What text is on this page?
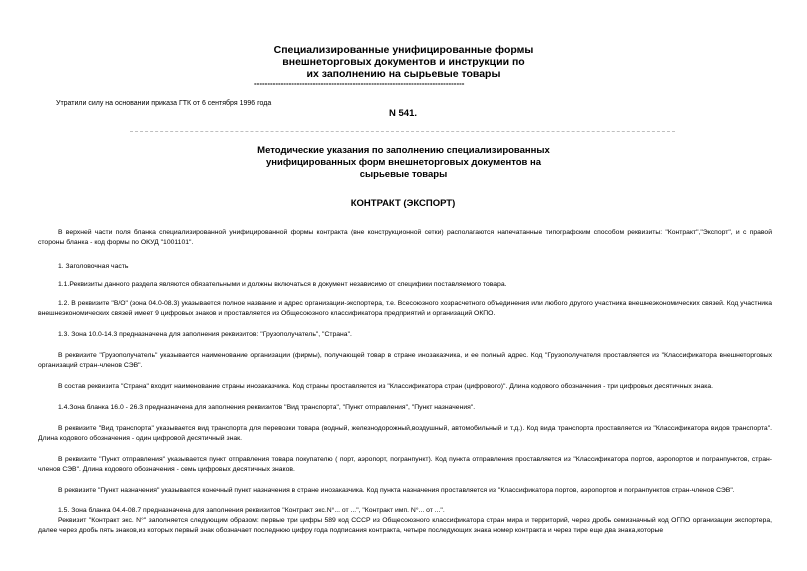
Специализированные унифицированные формы
внешнеторговых документов и инструкции по
их заполнению на сырьевые товары
-------------------------------------------------------------------------------
Утратили силу на основании приказа ГТК от 6 сентября 1996 года
N 541.
Методические указания по заполнению специализированных
унифицированных форм внешнеторговых документов на
сырьевые товары
КОНТРАКТ (ЭКСПОРТ)
В верхней части поля бланка специализированной унифицированной формы контракта (вне конструкционной сетки) располагаются напечатанные типографским способом реквизиты: "Контракт","Экспорт", и с правой стороны бланка - код формы по ОКУД "1001101".
1. Заголовочная часть
1.1.Реквизиты данного раздела являются обязательными и должны включаться в документ независимо от специфики поставляемого товара.
1.2. В реквизите "В/О" (зона 04.0-08.3) указывается полное название и адрес организации-экспортера, т.е. Всесоюзного хозрасчетного объединения или любого другого участника внешнеэкономических связей. Код участника внешнеэкономических связей имеет 9 цифровых знаков и проставляется из Общесоюзного классификатора предприятий и организаций ОКПО.
1.3. Зона 10.0-14.3 предназначена для заполнения реквизитов: "Грузополучатель", "Страна".
В реквизите "Грузополучатель" указывается наименование организации (фирмы), получающей товар в стране инозаказчика, и ее полный адрес. Код "Грузополучателя проставляется из "Классификатора внешнеторговых организаций стран-членов СЭВ".
В состав реквизита "Страна" входит наименование страны инозаказчика. Код страны проставляется из "Классификатора стран (цифрового)". Длина кодового обозначения - три цифровых десятичных знака.
1.4.Зона бланка 16.0 - 26.3 предназначена для заполнения реквизитов "Вид транспорта", "Пункт отправления", "Пункт назначения".
В реквизите "Вид транспорта" указывается вид транспорта для перевозки товара (водный, железнодорожный,воздушный, автомобильный и т.д.). Код вида транспорта проставляется из "Классификатора видов транспорта". Длина кодового обозначения - один цифровой десятичный знак.
В реквизите "Пункт отправления" указывается пункт отправления товара покупателю ( порт, аэропорт, погранпункт). Код пункта отправления проставляется из "Классификатора портов, аэропортов и погранпунктов, стран-членов СЭВ". Длина кодового обозначения - семь цифровых десятичных знаков.
В реквизите "Пункт назначения" указывается конечный пункт назначения в стране инозаказчика. Код пункта назначения проставляется из "Классификатора портов, аэропортов и погранпунктов стран-членов СЭВ".
1.5. Зона бланка 04.4-08.7 предназначена для заполнения реквизитов "Контракт экс.N°... от ...", "Контракт имп. N°... от ...".
Реквизит "Контракт экс. N°" заполняется следующим образом: первые три цифры 589 код СССР из Общесоюзного классификатора стран мира и территорий, через дробь семизначный код ОГПО организации экспортера, далее через дробь пять знаков,из которых первый знак обозначает последнюю цифру года подписания контракта, четыре последующих знака номер контракта и через тире еще два знака,которые
